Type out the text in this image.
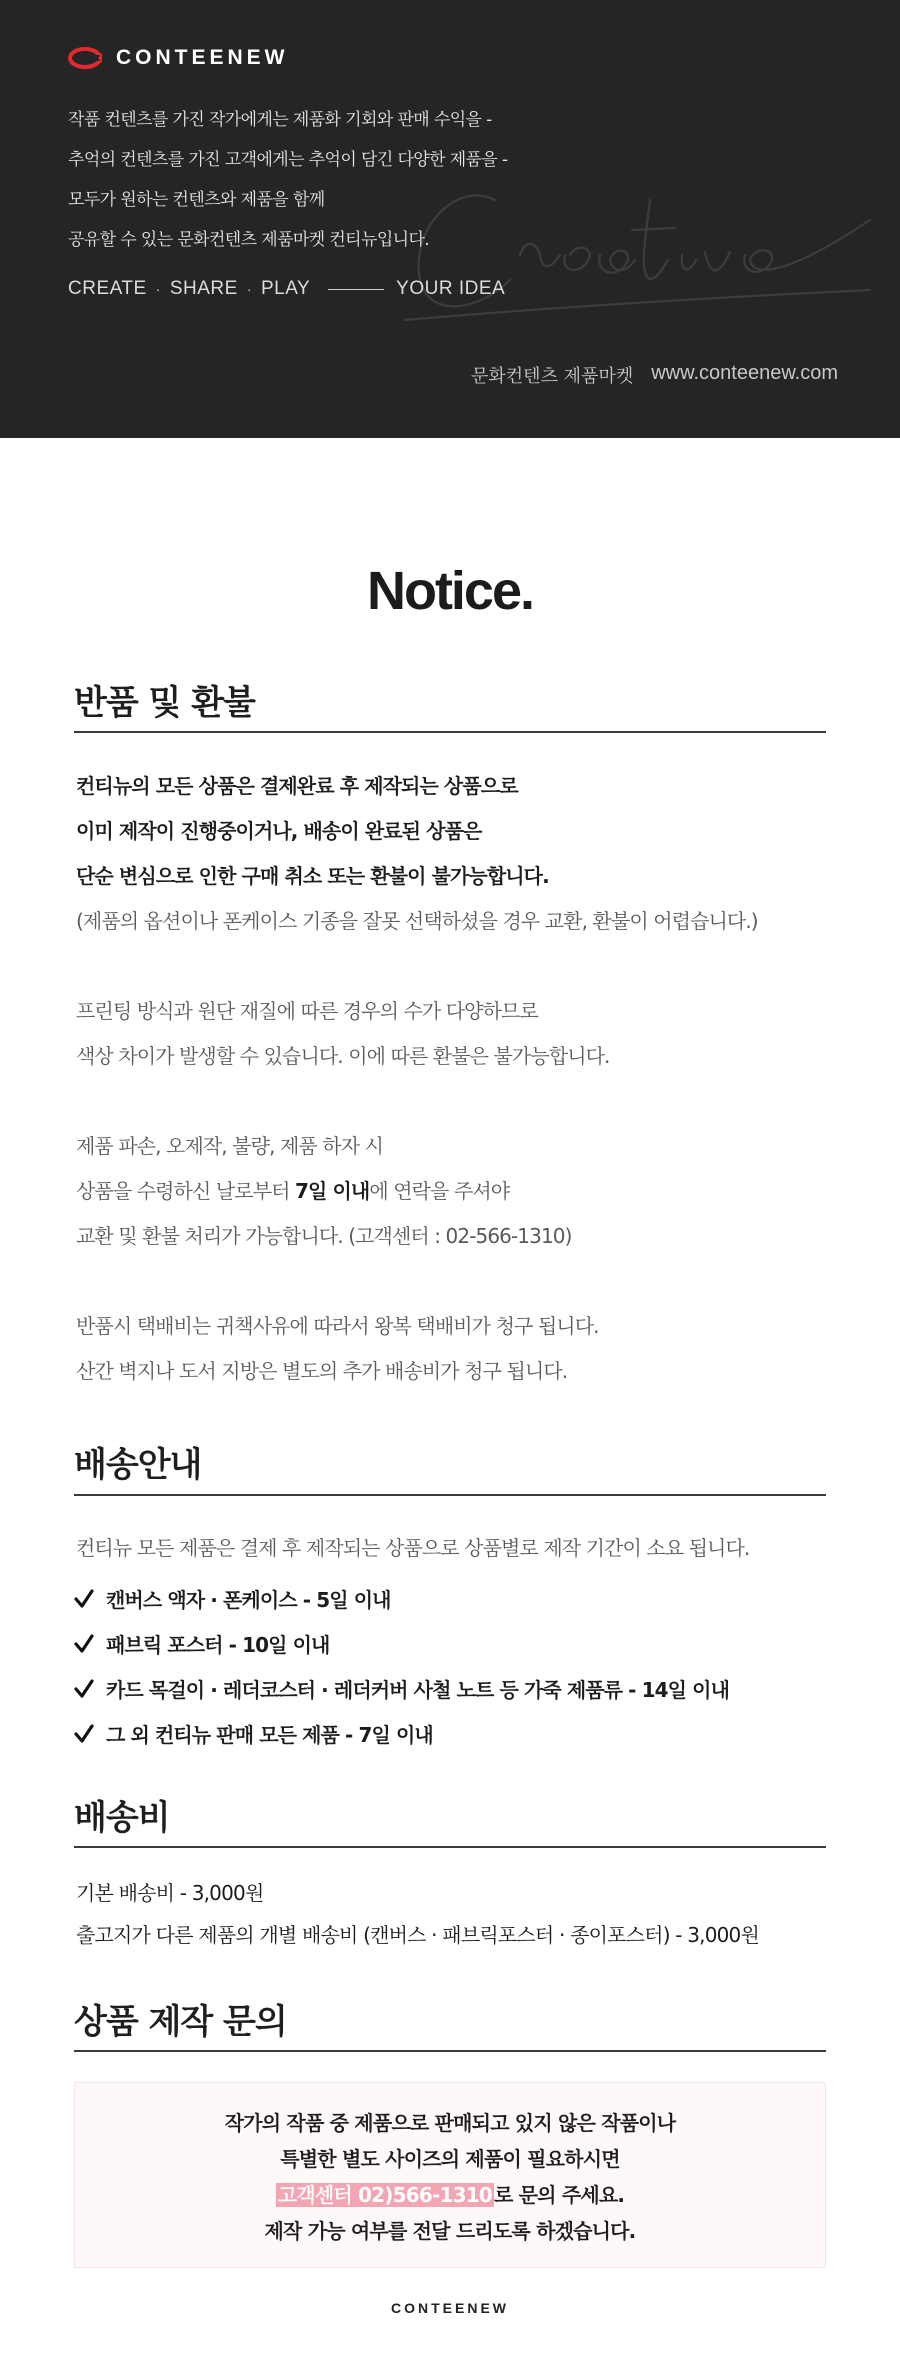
CONTEENEW

작품 컨텐츠를 가진 작가에게는 제품화 기회와 판매 수익을 -

추억의 컨텐츠를 가진 고객에게는 추억이 담긴 다양한 제품을 -

모두가 원하는 컨텐츠와 제품을 함께

공유할 수 있는 문화컨텐츠 제품마켓 컨티뉴입니다.

CREATE · SHARE · PLAY	YOUR IDEA
문화컨텐츠 제품마켓 www.conteenew.com
Notice.
반품 및 환불

컨티뉴의 모든 상품은 결제완료 후 제작되는 상품으로

이미 제작이 진행중이거나, 배송이 완료된 상품은

단순 변심으로 인한 구매 취소 또는 환불이 불가능합니다.

(제품의 옵션이나 폰케이스 기종을 잘못 선택하셨을 경우 교환, 환불이 어렵습니다.)

프린팅 방식과 원단 재질에 따른 경우의 수가 다양하므로

색상 차이가 발생할 수 있습니다. 이에 따른 환불은 불가능합니다.

제품 파손, 오제작, 불량, 제품 하자 시

상품을 수령하신 날로부터 7일 이내에 연락을 주셔야

교환 및 환불 처리가 가능합니다. (고객센터 : 02-566-1310)

반품시 택배비는 귀책사유에 따라서 왕복 택배비가 청구 됩니다.

산간 벽지나 도서 지방은 별도의 추가 배송비가 청구 됩니다.

배송안내

컨티뉴 모든 제품은 결제 후 제작되는 상품으로 상품별로 제작 기간이 소요 됩니다.

캔버스 액자 · 폰케이스 - 5일 이내
패브릭 포스터 - 10일 이내
카드 목걸이 · 레더코스터 · 레더커버 사철 노트 등 가죽 제품류 - 14일 이내
그 외 컨티뉴 판매 모든 제품 - 7일 이내
배송비

기본 배송비 - 3,000원

출고지가 다른 제품의 개별 배송비 (캔버스 · 패브릭포스터 · 종이포스터) - 3,000원

상품 제작 문의

작가의 작품 중 제품으로 판매되고 있지 않은 작품이나

특별한 별도 사이즈의 제품이 필요하시면

고객센터 02)566-1310 로 문의 주세요.

제작 가능 여부를 전달 드리도록 하겠습니다.

CONTEENEW
